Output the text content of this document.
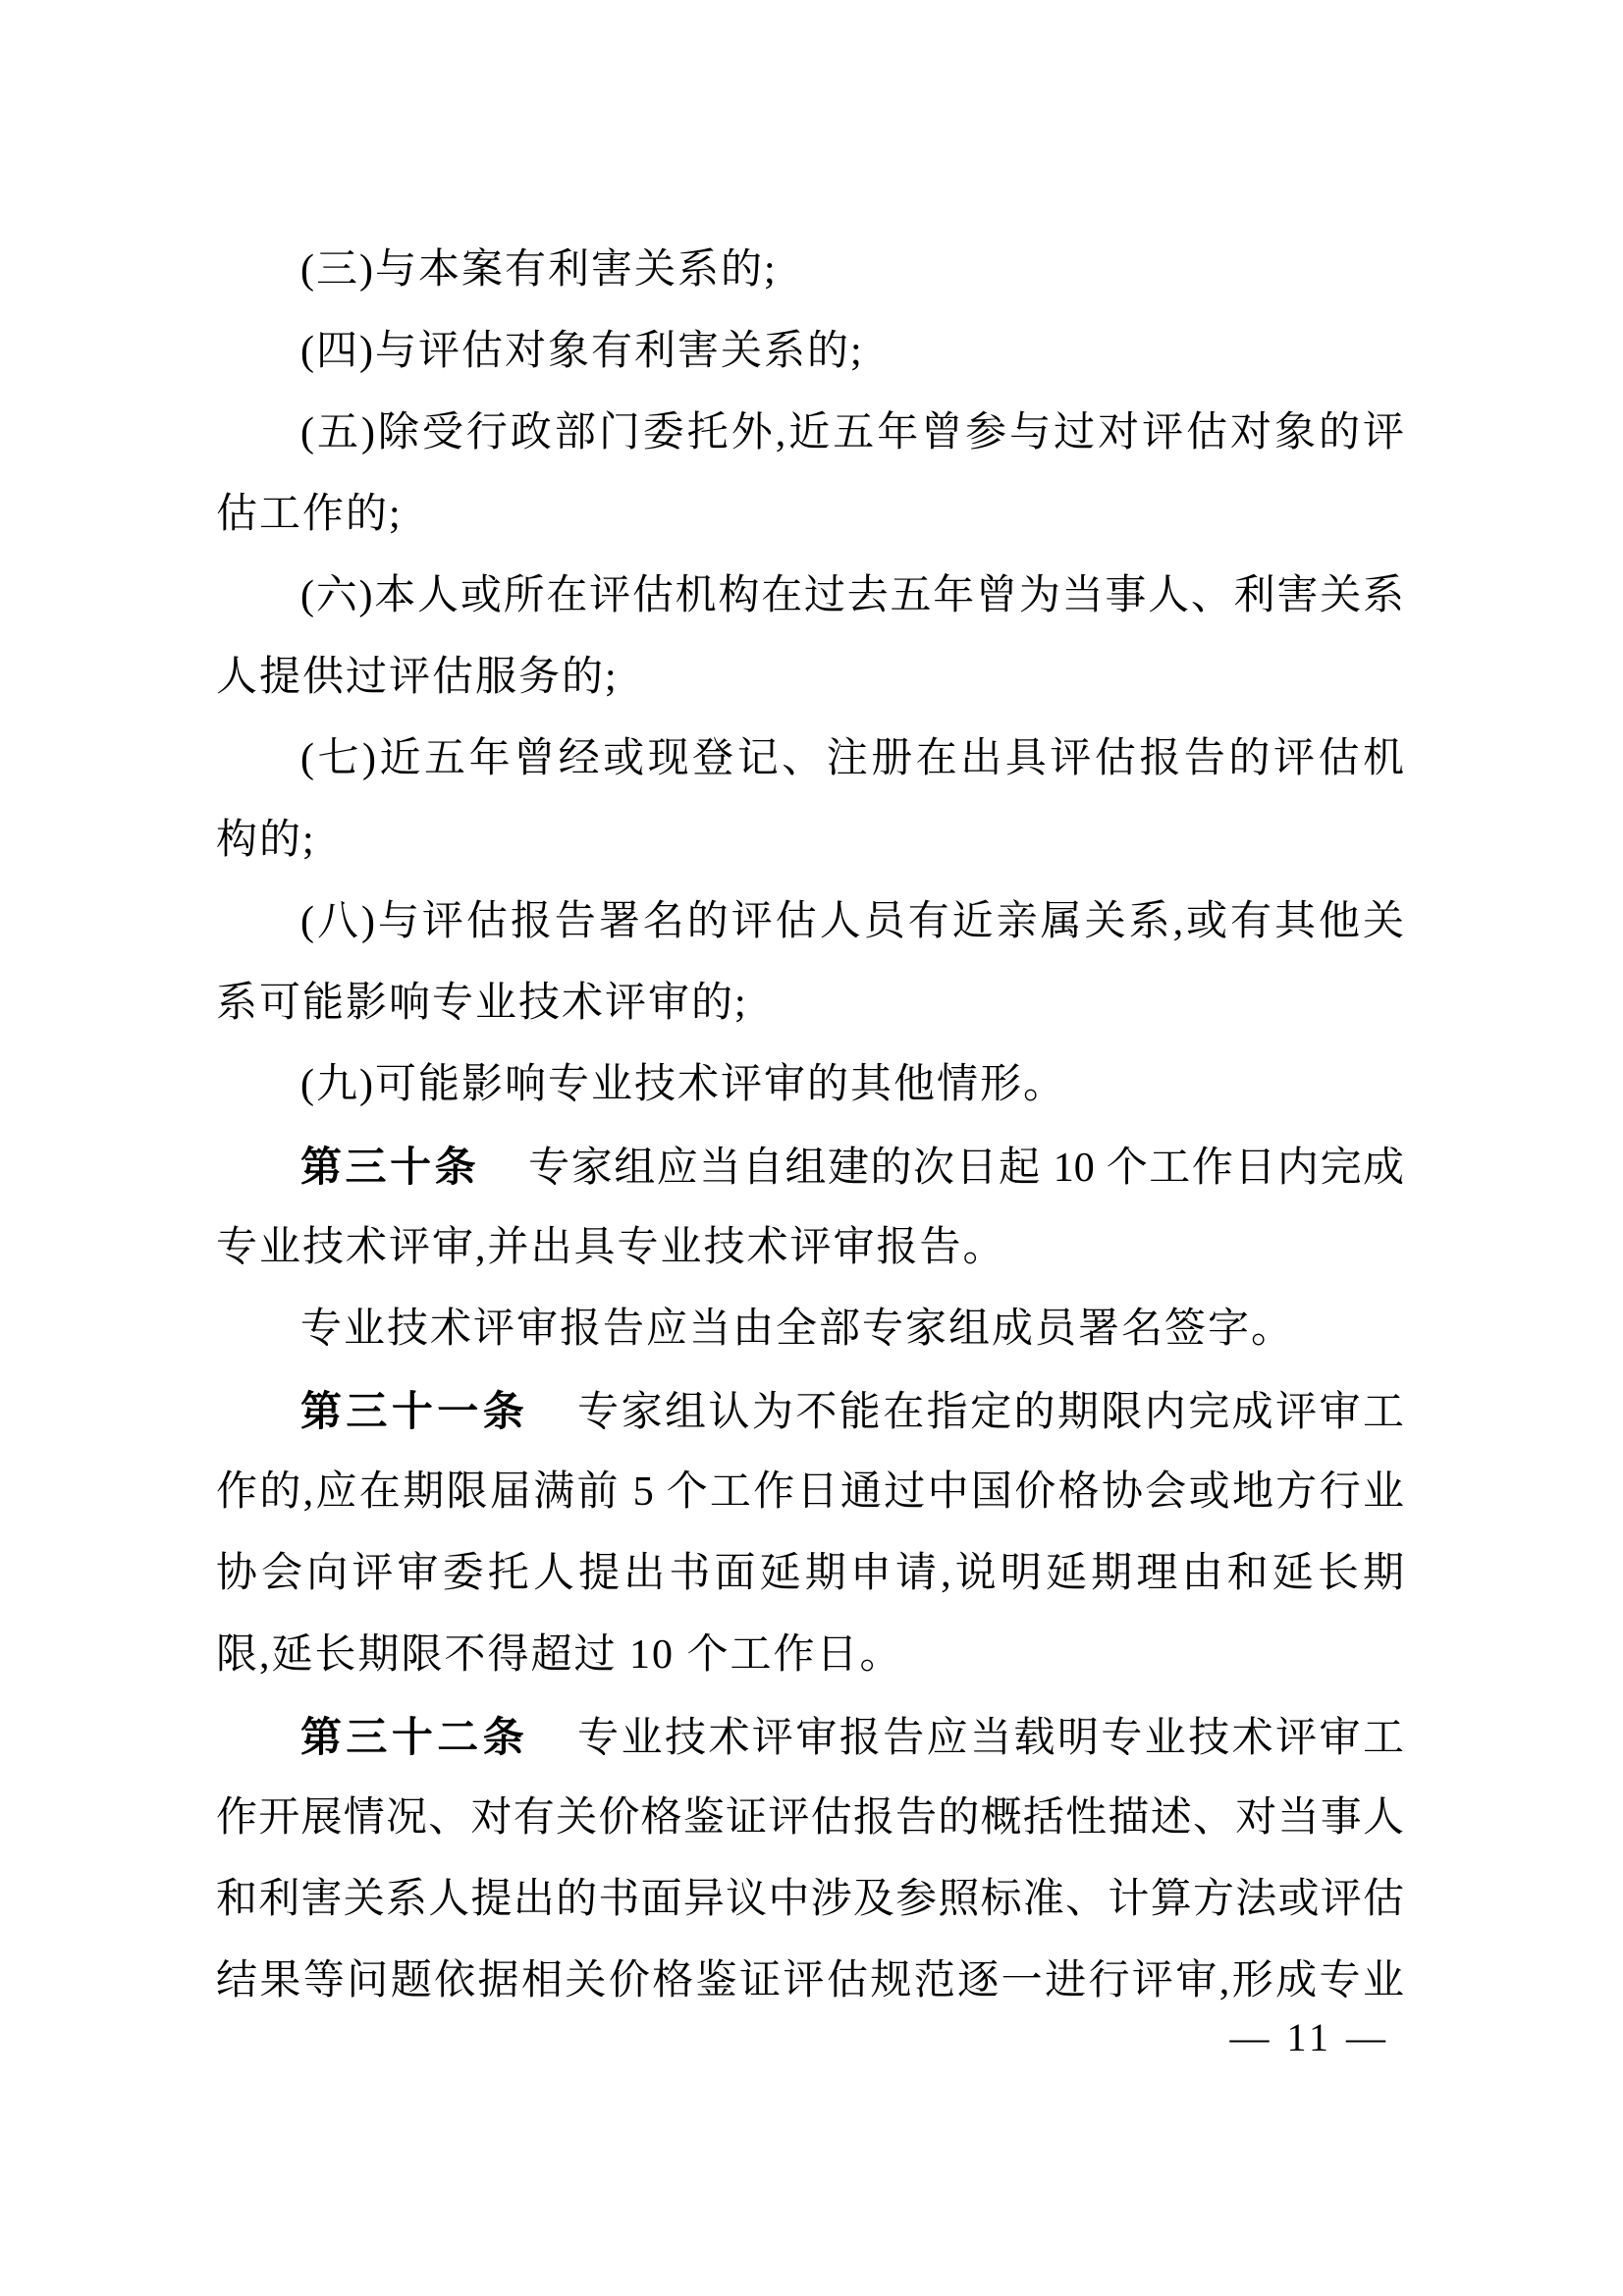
(三)与本案有利害关系的;
(四)与评估对象有利害关系的;
(五)除受行政部门委托外,近五年曾参与过对评估对象的评
估工作的;
(六)本人或所在评估机构在过去五年曾为当事人、利害关系
人提供过评估服务的;
(七)近五年曾经或现登记、注册在出具评估报告的评估机
构的;
(八)与评估报告署名的评估人员有近亲属关系,或有其他关
系可能影响专业技术评审的;
(九)可能影响专业技术评审的其他情形。
第三十条 专家组应当自组建的次日起 10 个工作日内完成
专业技术评审,并出具专业技术评审报告。
专业技术评审报告应当由全部专家组成员署名签字。
第三十一条 专家组认为不能在指定的期限内完成评审工
作的,应在期限届满前 5 个工作日通过中国价格协会或地方行业
协会向评审委托人提出书面延期申请,说明延期理由和延长期
限,延长期限不得超过 10 个工作日。
第三十二条 专业技术评审报告应当载明专业技术评审工
作开展情况、对有关价格鉴证评估报告的概括性描述、对当事人
和利害关系人提出的书面异议中涉及参照标准、计算方法或评估
结果等问题依据相关价格鉴证评估规范逐一进行评审,形成专业
— 11 —
